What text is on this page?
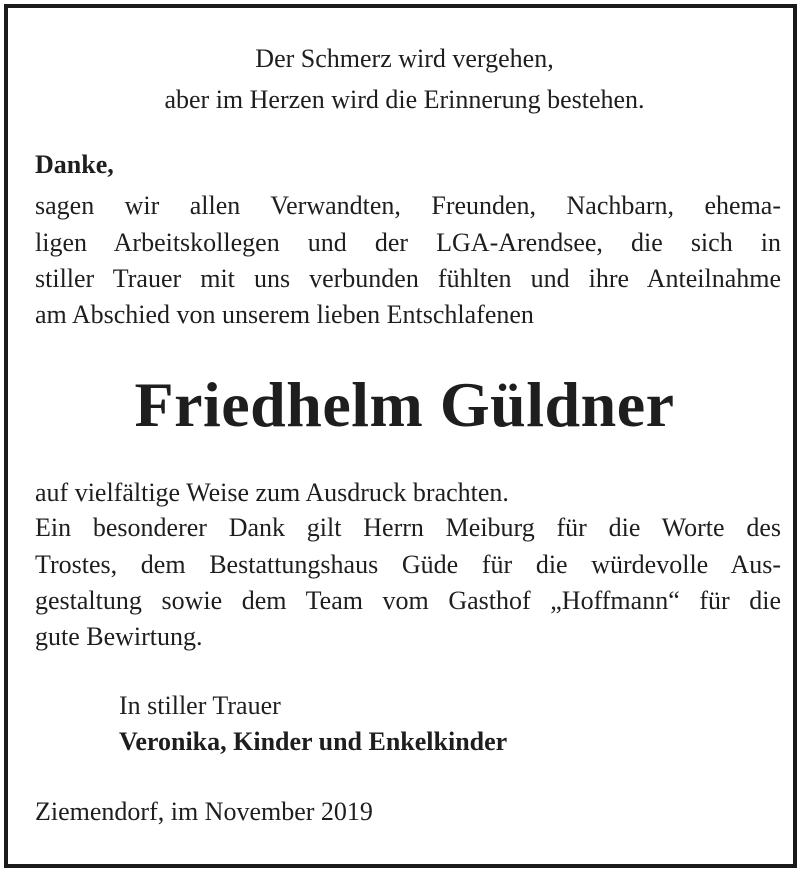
Der Schmerz wird vergehen,
aber im Herzen wird die Erinnerung bestehen.
Danke,
sagen wir allen Verwandten, Freunden, Nachbarn, ehema-
ligen Arbeitskollegen und der LGA-Arendsee, die sich in
stiller Trauer mit uns verbunden fühlten und ihre Anteilnahme
am Abschied von unserem lieben Entschlafenen
Friedhelm Güldner
auf vielfältige Weise zum Ausdruck brachten.
Ein besonderer Dank gilt Herrn Meiburg für die Worte des
Trostes, dem Bestattungshaus Güde für die würdevolle Aus-
gestaltung sowie dem Team vom Gasthof „Hoffmann“ für die
gute Bewirtung.
In stiller Trauer
Veronika, Kinder und Enkelkinder
Ziemendorf, im November 2019
